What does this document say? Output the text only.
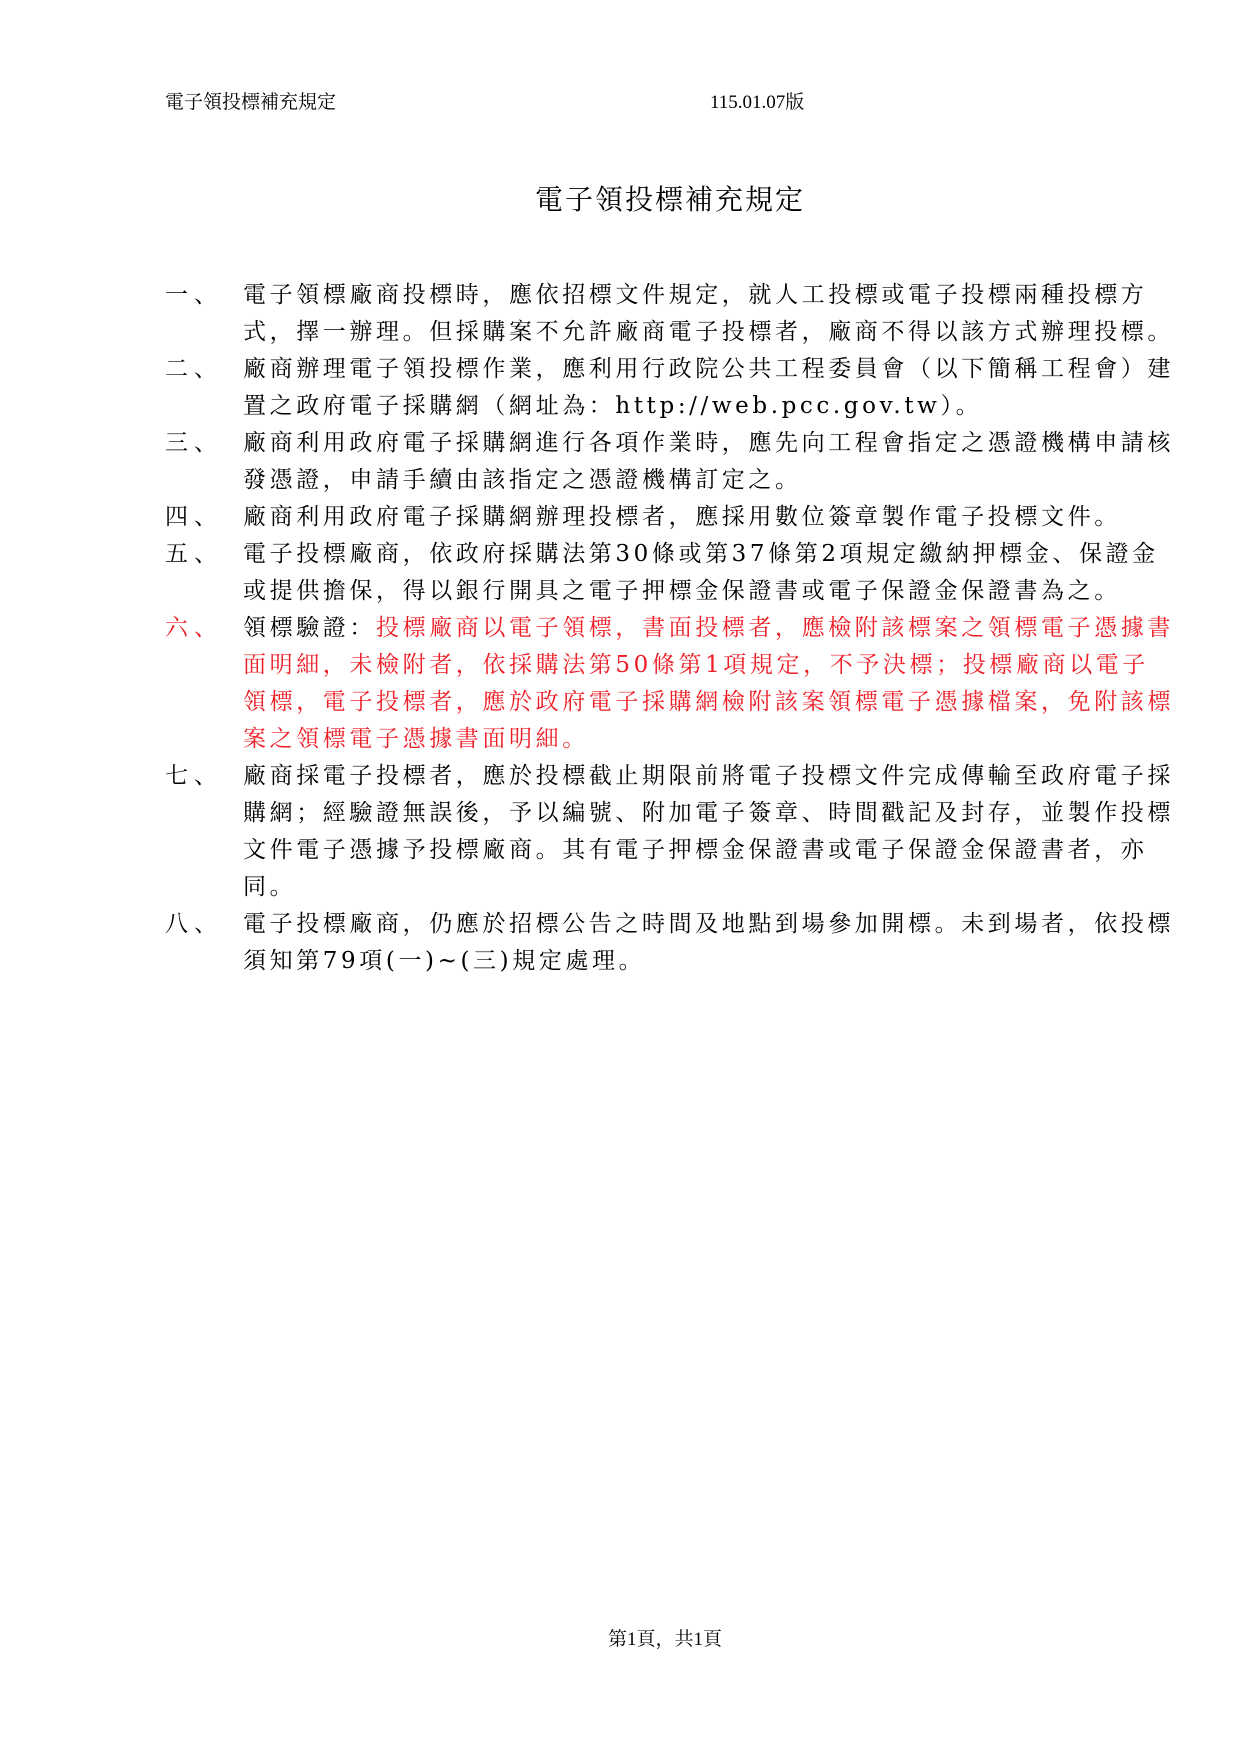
電子領投標補充規定	115.01.07版
電子領投標補充規定
一、 電子領標廠商投標時，應依招標文件規定，就人工投標或電子投標兩種投標方式，擇一辦理。但採購案不允許廠商電子投標者，廠商不得以該方式辦理投標。
二、 廠商辦理電子領投標作業，應利用行政院公共工程委員會（以下簡稱工程會）建置之政府電子採購網（網址為：http://web.pcc.gov.tw）。
三、 廠商利用政府電子採購網進行各項作業時，應先向工程會指定之憑證機構申請核發憑證，申請手續由該指定之憑證機構訂定之。
四、 廠商利用政府電子採購網辦理投標者，應採用數位簽章製作電子投標文件。
五、 電子投標廠商，依政府採購法第30條或第37條第2項規定繳納押標金、保證金或提供擔保，得以銀行開具之電子押標金保證書或電子保證金保證書為之。
六、 領標驗證：投標廠商以電子領標，書面投標者，應檢附該標案之領標電子憑據書面明細，未檢附者，依採購法第50條第1項規定，不予決標；投標廠商以電子領標，電子投標者，應於政府電子採購網檢附該案領標電子憑據檔案，免附該標案之領標電子憑據書面明細。
七、 廠商採電子投標者，應於投標截止期限前將電子投標文件完成傳輸至政府電子採購網；經驗證無誤後，予以編號、附加電子簽章、時間戳記及封存，並製作投標文件電子憑據予投標廠商。其有電子押標金保證書或電子保證金保證書者，亦同。
八、 電子投標廠商，仍應於招標公告之時間及地點到場參加開標。未到場者，依投標須知第79項(一)~(三)規定處理。
第1頁，共1頁
